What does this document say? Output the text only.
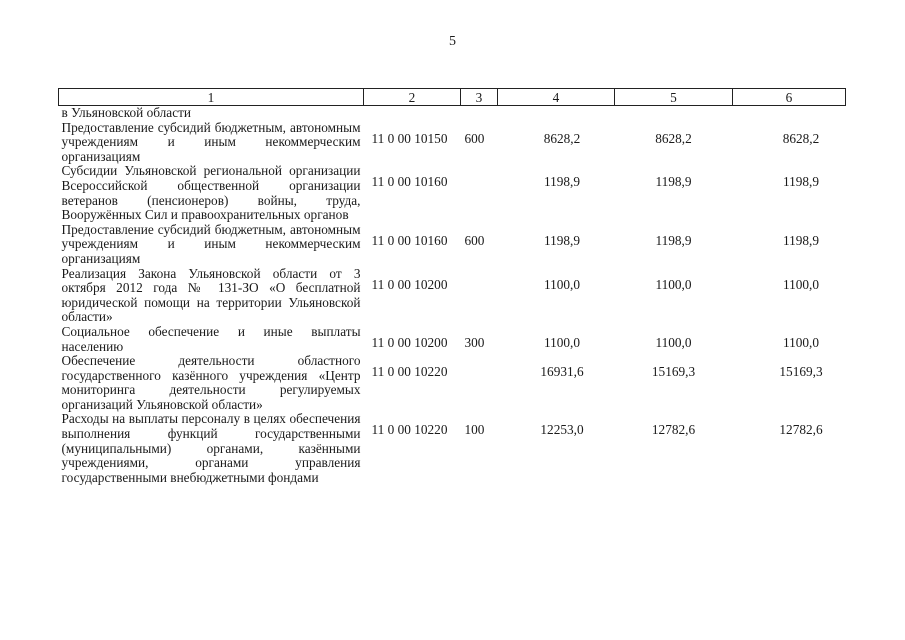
5
1	2	3	4	5	6
в Ульяновской области					
Предоставление субсидий бюджетным, автономным учреждениям и иным некоммерческим организациям	11 0 00 10150	600	8628,2	8628,2	8628,2
Субсидии Ульяновской региональной организации Всероссийской общественной организации ветеранов (пенсионеров) войны, труда, Вооружённых Сил и правоохранительных органов	11 0 00 10160		1198,9	1198,9	1198,9
Предоставление субсидий бюджетным, автономным учреждениям и иным некоммерческим организациям	11 0 00 10160	600	1198,9	1198,9	1198,9
Реализация Закона Ульяновской области от 3 октября 2012 года № 131-ЗО «О бесплатной юридической помощи на территории Ульяновской области»	11 0 00 10200		1100,0	1100,0	1100,0
Социальное обеспечение и иные выплаты населению	11 0 00 10200	300	1100,0	1100,0	1100,0
Обеспечение деятельности областного государственного казённого учреждения «Центр мониторинга деятельности регулируемых организаций Ульяновской области»	11 0 00 10220		16931,6	15169,3	15169,3
Расходы на выплаты персоналу в целях обеспечения выполнения функций государственными (муниципальными) органами, казёнными учреждениями, органами управления государственными внебюджетными фондами	11 0 00 10220	100	12253,0	12782,6	12782,6
